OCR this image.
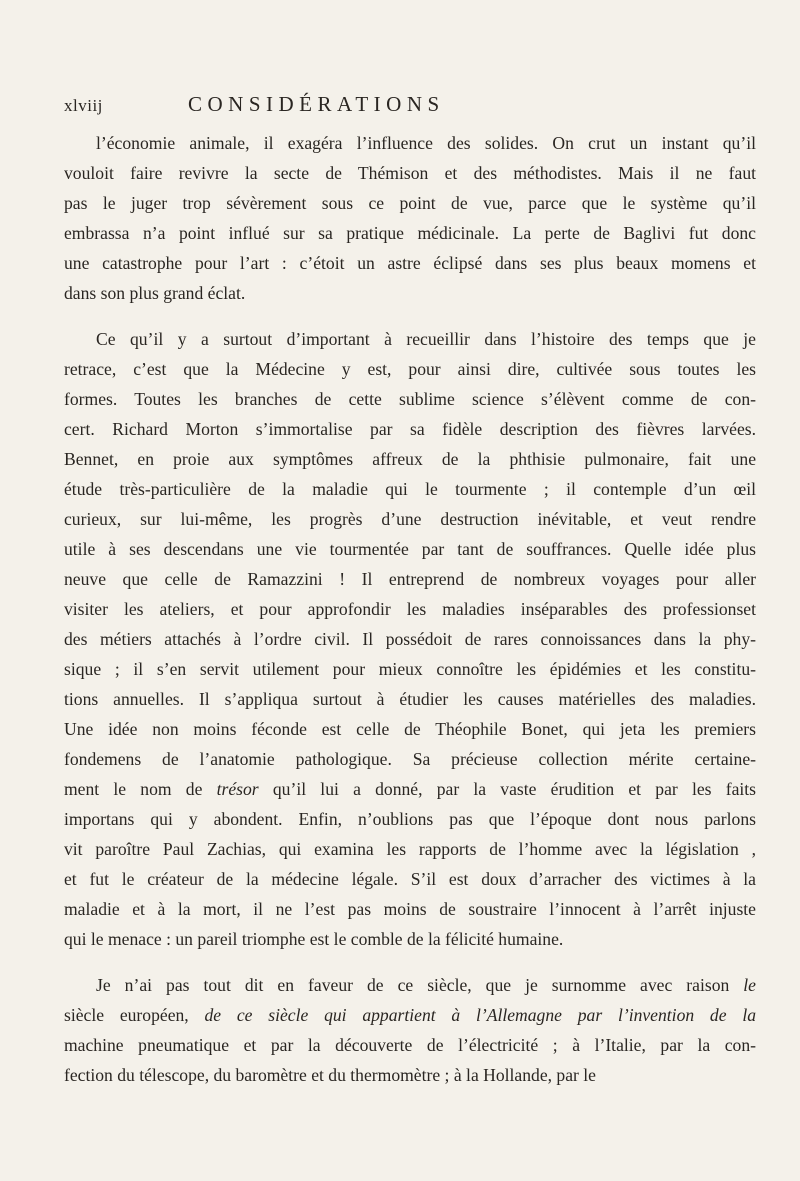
xlviij	CONSIDÉRATIONS
l’économie animale, il exagéra l’influence des solides. On crut un instant qu’il
vouloit faire revivre la secte de Thémison et des méthodistes. Mais il ne faut
pas le juger trop sévèrement sous ce point de vue, parce que le système qu’il
embrassa n’a point influé sur sa pratique médicinale. La perte de Baglivi fut donc
une catastrophe pour l’art : c’étoit un astre éclipsé dans ses plus beaux momens et
dans son plus grand éclat.
Ce qu’il y a surtout d’important à recueillir dans l’histoire des temps que je
retrace, c’est que la Médecine y est, pour ainsi dire, cultivée sous toutes les
formes. Toutes les branches de cette sublime science s’élèvent comme de con-
cert. Richard Morton s’immortalise par sa fidèle description des fièvres larvées.
Bennet, en proie aux symptômes affreux de la phthisie pulmonaire, fait une
étude très-particulière de la maladie qui le tourmente ; il contemple d’un œil
curieux, sur lui-même, les progrès d’une destruction inévitable, et veut rendre
utile à ses descendans une vie tourmentée par tant de souffrances. Quelle idée plus
neuve que celle de Ramazzini ! Il entreprend de nombreux voyages pour aller
visiter les ateliers, et pour approfondir les maladies inséparables des professionset
des métiers attachés à l’ordre civil. Il possédoit de rares connoissances dans la phy-
sique ; il s’en servit utilement pour mieux connoître les épidémies et les constitu-
tions annuelles. Il s’appliqua surtout à étudier les causes matérielles des maladies.
Une idée non moins féconde est celle de Théophile Bonet, qui jeta les premiers
fondemens de l’anatomie pathologique. Sa précieuse collection mérite certaine-
ment le nom de trésor qu’il lui a donné, par la vaste érudition et par les faits
importans qui y abondent. Enfin, n’oublions pas que l’époque dont nous parlons
vit paroître Paul Zachias, qui examina les rapports de l’homme avec la législation ,
et fut le créateur de la médecine légale. S’il est doux d’arracher des victimes à la
maladie et à la mort, il ne l’est pas moins de soustraire l’innocent à l’arrêt injuste
qui le menace : un pareil triomphe est le comble de la félicité humaine.
Je n’ai pas tout dit en faveur de ce siècle, que je surnomme avec raison le
siècle européen, de ce siècle qui appartient à l’Allemagne par l’invention de la
machine pneumatique et par la découverte de l’électricité ; à l’Italie, par la con-
fection du télescope, du baromètre et du thermomètre ; à la Hollande, par le
